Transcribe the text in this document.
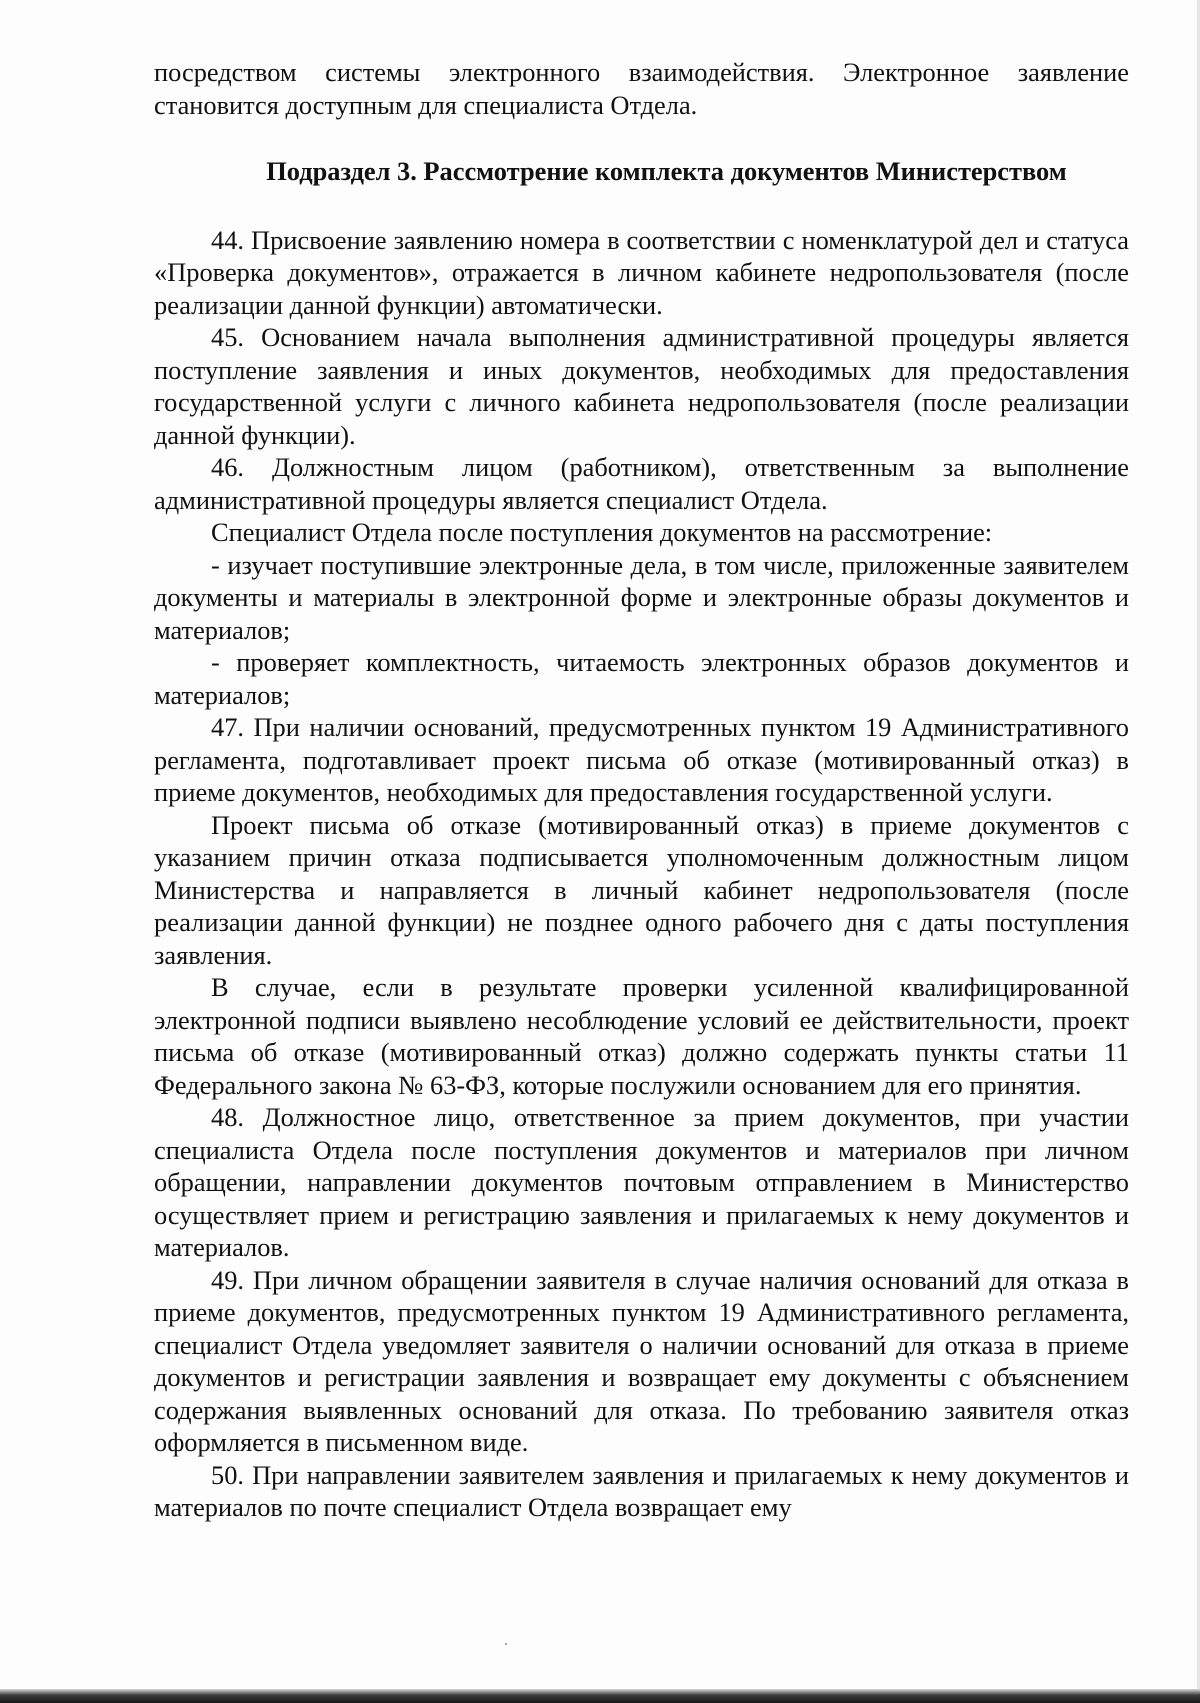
посредством системы электронного взаимодействия. Электронное заявление становится доступным для специалиста Отдела.

Подраздел 3. Рассмотрение комплекта документов Министерством

44. Присвоение заявлению номера в соответствии с номенклатурой дел и статуса «Проверка документов», отражается в личном кабинете недропользователя (после реализации данной функции) автоматически.

45. Основанием начала выполнения административной процедуры является поступление заявления и иных документов, необходимых для предоставления государственной услуги с личного кабинета недропользователя (после реализации данной функции).

46. Должностным лицом (работником), ответственным за выполнение административной процедуры является специалист Отдела.

Специалист Отдела после поступления документов на рассмотрение:

- изучает поступившие электронные дела, в том числе, приложенные заявителем документы и материалы в электронной форме и электронные образы документов и материалов;

- проверяет комплектность, читаемость электронных образов документов и материалов;

47. При наличии оснований, предусмотренных пунктом 19 Административного регламента, подготавливает проект письма об отказе (мотивированный отказ) в приеме документов, необходимых для предоставления государственной услуги.

Проект письма об отказе (мотивированный отказ) в приеме документов с указанием причин отказа подписывается уполномоченным должностным лицом Министерства и направляется в личный кабинет недропользователя (после реализации данной функции) не позднее одного рабочего дня с даты поступления заявления.

В случае, если в результате проверки усиленной квалифицированной электронной подписи выявлено несоблюдение условий ее действительности, проект письма об отказе (мотивированный отказ) должно содержать пункты статьи 11 Федерального закона № 63-ФЗ, которые послужили основанием для его принятия.

48. Должностное лицо, ответственное за прием документов, при участии специалиста Отдела после поступления документов и материалов при личном обращении, направлении документов почтовым отправлением в Министерство осуществляет прием и регистрацию заявления и прилагаемых к нему документов и материалов.

49. При личном обращении заявителя в случае наличия оснований для отказа в приеме документов, предусмотренных пунктом 19 Административного регламента, специалист Отдела уведомляет заявителя о наличии оснований для отказа в приеме документов и регистрации заявления и возвращает ему документы с объяснением содержания выявленных оснований для отказа. По требованию заявителя отказ оформляется в письменном виде.

50. При направлении заявителем заявления и прилагаемых к нему документов и материалов по почте специалист Отдела возвращает ему
